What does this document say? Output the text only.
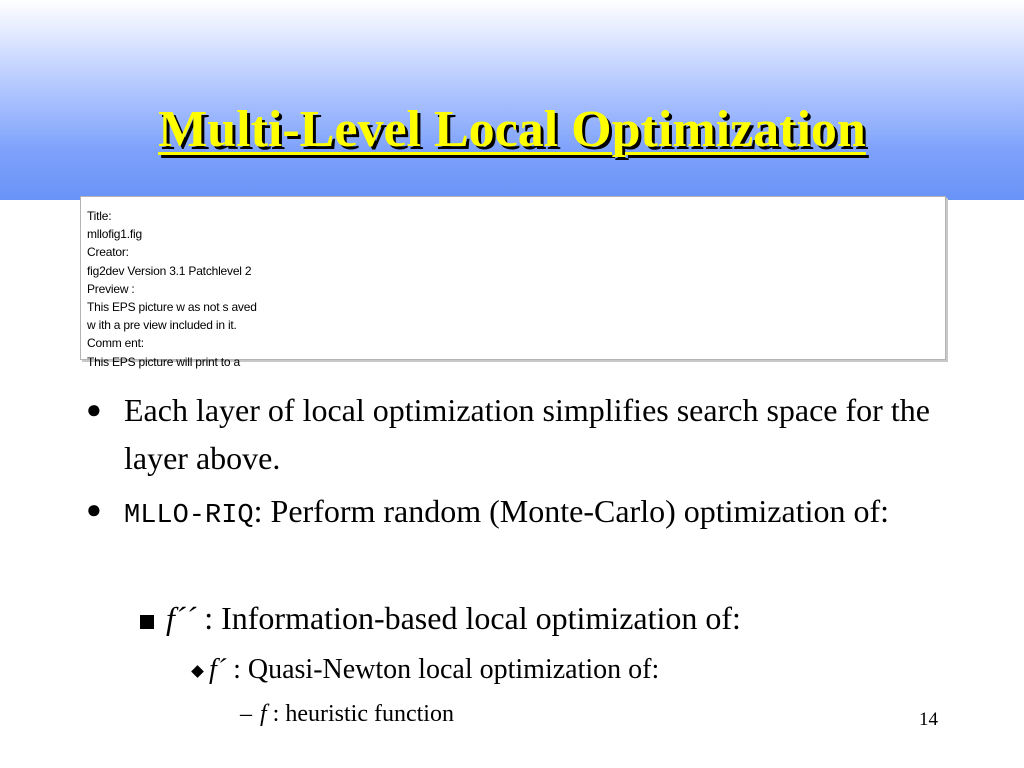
Multi-Level Local Optimization
Title:
mllofig1.fig
Creator:
fig2dev Version 3.1 Patchlevel 2
Preview :
This EPS picture w as not s aved
w ith a pre view included in it.
Comm ent:
This EPS picture will print to a
● Each layer of local optimization simplifies search space for the layer above.
● MLLO-RIQ: Perform random (Monte-Carlo) optimization of:
f´´ : Information-based local optimization of:
f´ : Quasi-Newton local optimization of:
– f : heuristic function	14
